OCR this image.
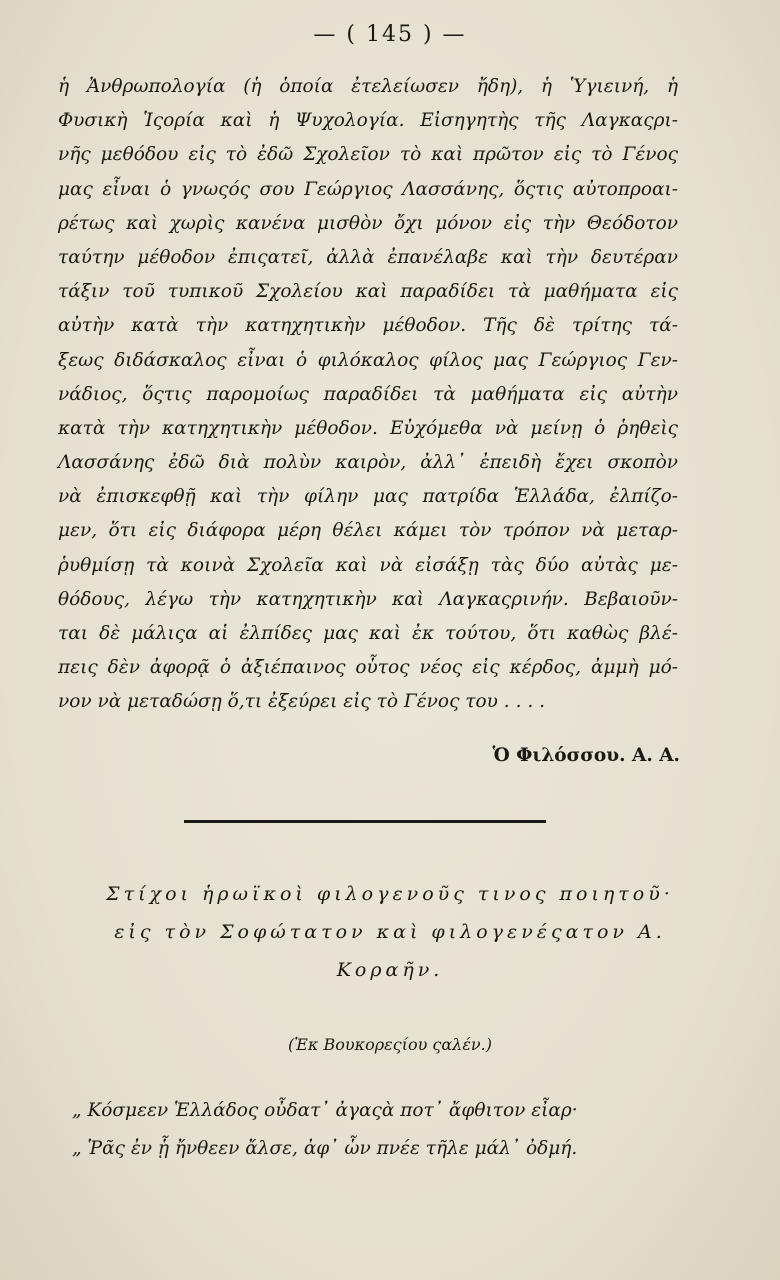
— ( 145 ) —
ἡ Ἀνθρωπολογία (ἡ ὁποία ἐτελείωσεν ἤδη), ἡ Ὑγιεινή, ἡ
Φυσικὴ Ἱςορία καὶ ἡ Ψυχολογία. Εἰσηγητὴς τῆς Λαγκαςρι-
νῆς μεθόδου εἰς τὸ ἐδῶ Σχολεῖον τὸ καὶ πρῶτον εἰς τὸ Γένος
μας εἶναι ὁ γνωςός σου Γεώργιος Λασσάνης, ὅςτις αὐτοπροαι-
ρέτως καὶ χωρὶς κανένα μισθὸν ὄχι μόνον εἰς τὴν Θεόδοτον
ταύτην μέθοδον ἐπιςατεῖ, ἀλλὰ ἐπανέλαβε καὶ τὴν δευτέραν
τάξιν τοῦ τυπικοῦ Σχολείου καὶ παραδίδει τὰ μαθήματα εἰς
αὐτὴν κατὰ τὴν κατηχητικὴν μέθοδον. Τῆς δὲ τρίτης τά-
ξεως διδάσκαλος εἶναι ὁ φιλόκαλος φίλος μας Γεώργιος Γεν-
νάδιος, ὅςτις παρομοίως παραδίδει τὰ μαθήματα εἰς αὐτὴν
κατὰ τὴν κατηχητικὴν μέθοδον. Εὐχόμεθα νὰ μείνῃ ὁ ῥηθεὶς
Λασσάνης ἐδῶ διὰ πολὺν καιρὸν, ἀλλ᾽ ἐπειδὴ ἔχει σκοπὸν
νὰ ἐπισκεφθῇ καὶ τὴν φίλην μας πατρίδα Ἑλλάδα, ἐλπίζο-
μεν, ὅτι εἰς διάφορα μέρη θέλει κάμει τὸν τρόπον νὰ μεταρ-
ῥυθμίσῃ τὰ κοινὰ Σχολεῖα καὶ νὰ εἰσάξῃ τὰς δύο αὐτὰς με-
θόδους, λέγω τὴν κατηχητικὴν καὶ Λαγκαςρινήν. Βεβαιοῦν-
ται δὲ μάλιςα αἱ ἐλπίδες μας καὶ ἐκ τούτου, ὅτι καθὼς βλέ-
πεις δὲν ἀφορᾷ ὁ ἀξιέπαινος οὗτος νέος εἰς κέρδος, ἀμμὴ μό-
νον νὰ μεταδώσῃ ὅ,τι ἐξεύρει εἰς τὸ Γένος του . . . .
Ὁ Φιλόσσου. Α. Α.
Στίχοι ἡρωϊκοὶ φιλογενοῦς τινος ποιητοῦ·
εἰς τὸν Σοφώτατον καὶ φιλογενέςατον Α.
Κοραῆν.
(Ἐκ Βουκορεςίου ςαλέν.)
„ Κόσμεεν Ἑλλάδος οὖδατ᾽ ἀγαςὰ ποτ᾽ ἄφθιτον εἶαρ·
„ Ῥᾶς ἐν ᾗ ἤνθεεν ἄλσε, ἀφ᾽ ὧν πνέε τῆλε μάλ᾽ ὀδμή.
